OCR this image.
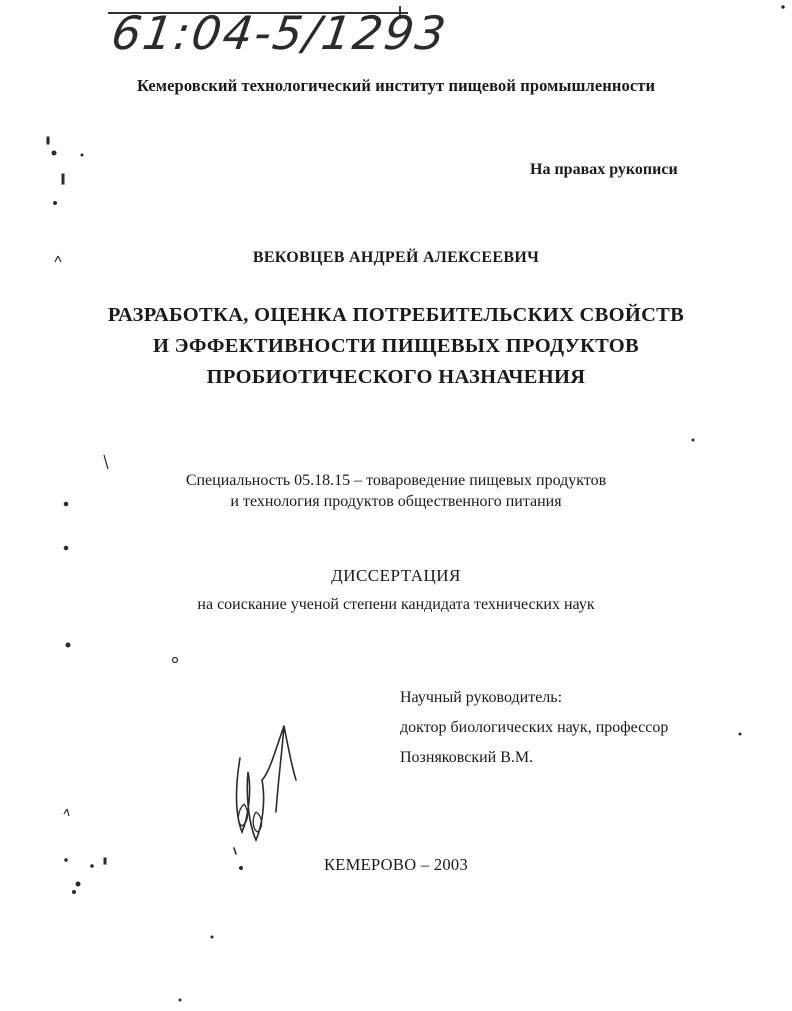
61:04-5/1293
Кемеровский технологический институт пищевой промышленности
На правах рукописи
ВЕКОВЦЕВ АНДРЕЙ АЛЕКСЕЕВИЧ
РАЗРАБОТКА, ОЦЕНКА ПОТРЕБИТЕЛЬСКИХ СВОЙСТВ
И ЭФФЕКТИВНОСТИ ПИЩЕВЫХ ПРОДУКТОВ
ПРОБИОТИЧЕСКОГО НАЗНАЧЕНИЯ
Специальность 05.18.15 – товароведение пищевых продуктов
и технология продуктов общественного питания
ДИССЕРТАЦИЯ
на соискание ученой степени кандидата технических наук
Научный руководитель:
доктор биологических наук, профессор
Позняковский В.М.
КЕМЕРОВО – 2003
